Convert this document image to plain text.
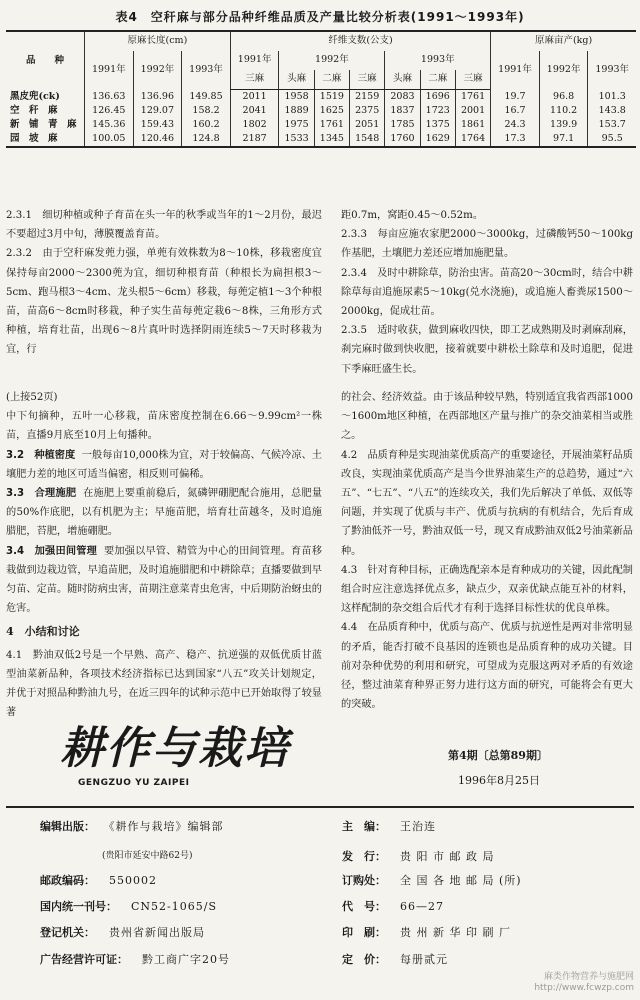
表4　空秆麻与部分品种纤维品质及产量比较分析表(1991～1993年)
品　　种	原麻长度(cm)			纤维支数(公支)							原麻亩产(kg)		
	1991年	1992年	1993年	1991年	1992年			1993年			1991年	1992年	1993年
				三麻	头麻	二麻	三麻	头麻	二麻	三麻			
黑皮兜(ck)	136.63	136.96	149.85	2011	1958	1519	2159	2083	1696	1761	19.7	96.8	101.3
空　秆　麻	126.45	129.07	158.2	2041	1889	1625	2375	1837	1723	2001	16.7	110.2	143.8
新　铺　青　麻	145.36	159.43	160.2	1802	1975	1761	2051	1785	1375	1861	24.3	139.9	153.7
园　坡　麻	100.05	120.46	124.8	2187	1533	1345	1548	1760	1629	1764	17.3	97.1	95.5

2.3.1　细切种植或种子育苗在头一年的秋季或当年的1～2月份，最迟不要超过3月中旬，薄膜覆盖育苗。

2.3.2　由于空秆麻发蔸力强，单蔸有效株数为8～10株，移栽密度宜保持每亩2000～2300蔸为宜，细切种根育苗（种根长为扁担根3～5cm、跑马根3～4cm、龙头根5～6cm）移栽，每蔸定植1～3个种根苗，苗高6～8cm时移栽，种子实生苗每蔸定栽6～8株，三角形方式种植，培育壮苗，出现6～8片真叶时选择阴雨连续5～7天时移栽为宜，行

距0.7m，窝距0.45～0.52m。

2.3.3　每亩应施农家肥2000～3000kg，过磷酸钙50～100kg作基肥，土壤肥力差还应增加施肥量。

2.3.4　及时中耕除草，防治虫害。苗高20～30cm时，结合中耕除草每亩追施尿素5～10kg(兑水浇施)，或追施人畜粪尿1500～2000kg，促成壮苗。

2.3.5　适时收获，做到麻收四快，即工艺成熟期及时剥麻刮麻，刹完麻时做到快收肥，接着就要中耕松土除草和及时追肥，促进下季麻旺盛生长。

(上接52页)

中下旬摘种，五叶一心移栽，苗床密度控制在6.66～9.99cm²一株苗，直播9月底至10月上旬播种。

3.2　种植密度 一般每亩10,000株为宜，对于较偏高、气候冷凉、土壤肥力差的地区可适当偏密，相反则可偏稀。

3.3　合理施肥 在施肥上要重前稳后，氮磷钾硼肥配合施用，总肥量的50%作底肥，以有机肥为主；早施苗肥，培育壮苗越冬，及时追施腊肥，苔肥，增施硼肥。

3.4　加强田间管理 要加强以早管、精管为中心的田间管理。育苗移栽做到边栽边管，早追苗肥，及时追施腊肥和中耕除草；直播要做到早匀苗、定苗。随时防病虫害，苗期注意菜青虫危害，中后期防治蚜虫的危害。

4　小结和讨论

4.1　黔油双低2号是一个早熟、高产、稳产、抗逆强的双低优质甘蓝型油菜新品种，各项技术经济指标已达到国家“八五”攻关计划规定，并优于对照品种黔油九号，在近三四年的试种示范中已开始取得了较显著

的社会、经济效益。由于该品种较早熟，特别适宜我省西部1000～1600m地区种植，在西部地区产量与推广的杂交油菜相当或胜之。

4.2　品质育种是实现油菜优质高产的重要途径，开展油菜籽品质改良，实现油菜优质高产是当今世界油菜生产的总趋势，通过“六五”、“七五”、“八五”的连续攻关，我们先后解决了单低、双低等问题，并实现了优质与丰产、优质与抗病的有机结合，先后育成了黔油低芥一号，黔油双低一号，现又育成黔油双低2号油菜新品种。

4.3　针对育种目标，正确选配亲本是育种成功的关键，因此配制组合时应注意选择优点多，缺点少，双亲优缺点能互补的材料，这样配制的杂交组合后代才有利于选择目标性状的优良单株。

4.4　在品质育种中，优质与高产、优质与抗逆性是两对非常明显的矛盾，能否打破不良基因的连锁也是品质育种的成功关键。目前对杂种优势的利用和研究，可望成为克服这两对矛盾的有效途径，整过油菜育种界正努力进行这方面的研究，可能将会有更大的突破。

耕作与栽培
GENGZUO YU ZAIPEI
第4期〔总第89期〕
1996年8月25日
编辑出版： 《耕作与栽培》编辑部
(贵阳市延安中路62号)
邮政编码： 550002
国内统一刊号： CN52-1065/S
登记机关： 贵州省新闻出版局
广告经营许可证： 黔工商广字20号
主　编： 王治连
发　行： 贵 阳 市 邮 政 局
订购处： 全 国 各 地 邮 局 (所)
代　号： 66—27
印　刷： 贵 州 新 华 印 刷 厂
定　价： 每册贰元
麻类作物营养与施肥网
http://www.fcwzp.com
